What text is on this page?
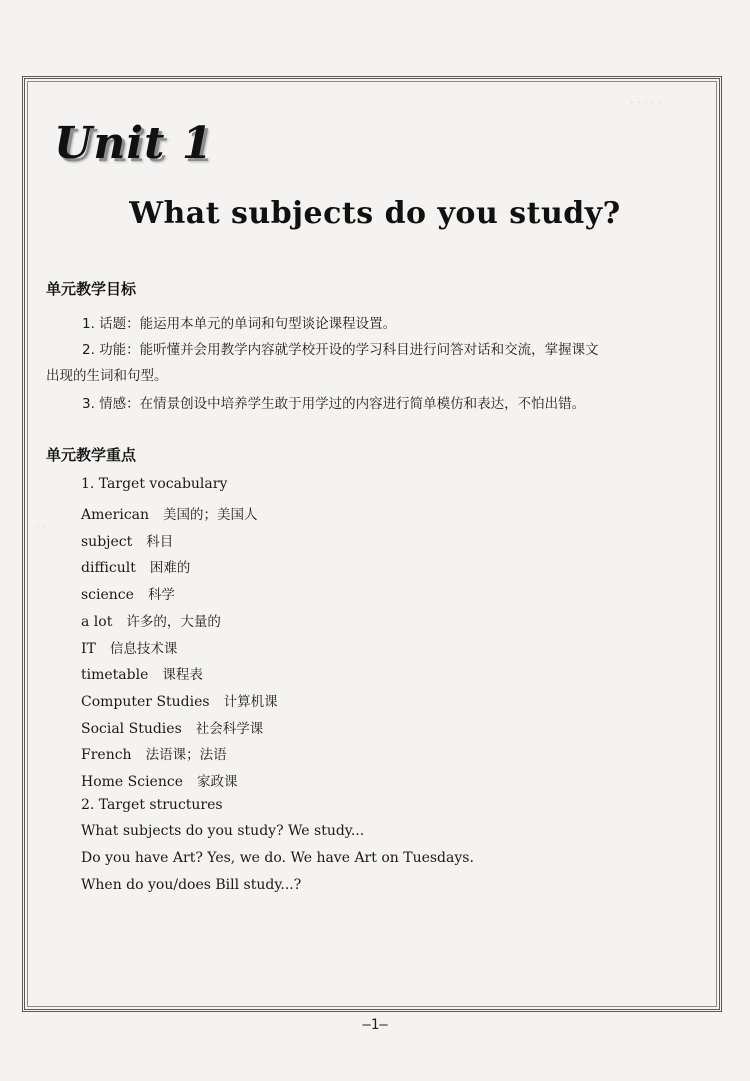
· · · · ·
· ·
Unit 1
What subjects do you study?
单元教学目标
1. 话题：能运用本单元的单词和句型谈论课程设置。
2. 功能：能听懂并会用教学内容就学校开设的学习科目进行问答对话和交流，掌握课文
出现的生词和句型。
3. 情感：在情景创设中培养学生敢于用学过的内容进行简单模仿和表达，不怕出错。
单元教学重点
1. Target vocabulary
American 美国的；美国人
subject 科目
difficult 困难的
science 科学
a lot 许多的，大量的
IT 信息技术课
timetable 课程表
Computer Studies 计算机课
Social Studies 社会科学课
French 法语课；法语
Home Science 家政课
2. Target structures
What subjects do you study? We study...
Do you have Art? Yes, we do. We have Art on Tuesdays.
When do you/does Bill study...?
—1—
